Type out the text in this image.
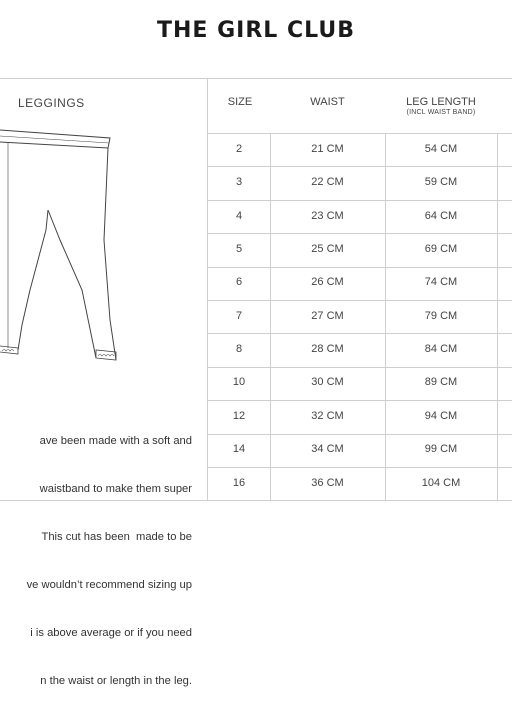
THE GIRL CLUB
LEGGINGS

ave been made with a soft and

waistband to make them super

This cut has been  made to be

ve wouldn’t recommend sizing up

i is above average or if you need

n the waist or length in the leg.

SIZE	WAIST	LEG LENGTH
(INCL WAIST BAND)
2	21 CM	54 CM
3	22 CM	59 CM
4	23 CM	64 CM
5	25 CM	69 CM
6	26 CM	74 CM
7	27 CM	79 CM
8	28 CM	84 CM
10	30 CM	89 CM
12	32 CM	94 CM
14	34 CM	99 CM
16	36 CM	104 CM
